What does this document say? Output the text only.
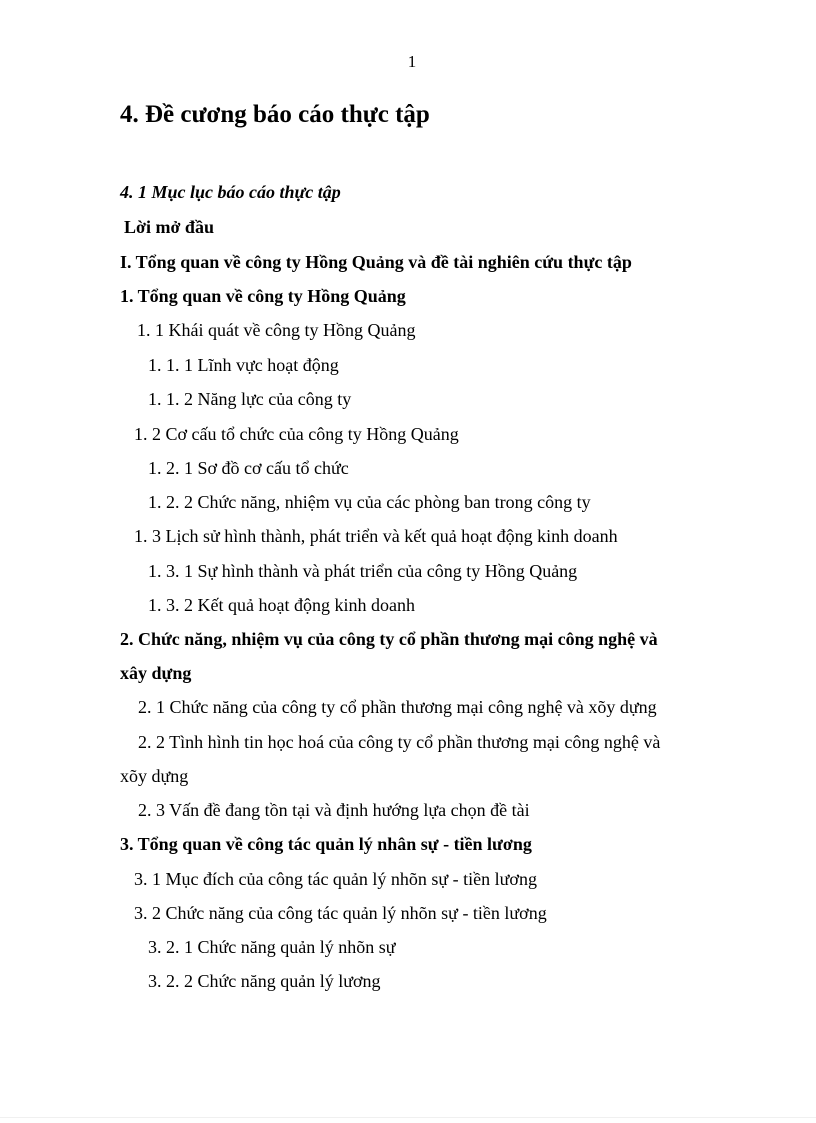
1
4. Đề cương báo cáo thực tập
4. 1 Mục lục báo cáo thực tập
Lời mở đầu
I. Tổng quan về công ty Hồng Quảng và đề tài nghiên cứu thực tập
1. Tổng quan về công ty Hồng Quảng
1. 1 Khái quát về công ty Hồng Quảng
1. 1. 1 Lĩnh vực hoạt động
1. 1. 2 Năng lực của công ty
1. 2 Cơ cấu tổ chức của công ty Hồng Quảng
1. 2. 1 Sơ đồ cơ cấu tổ chức
1. 2. 2 Chức năng, nhiệm vụ của các phòng ban trong công ty
1. 3 Lịch sử hình thành, phát triển và kết quả hoạt động kinh doanh
1. 3. 1 Sự hình thành và phát triển của công ty Hồng Quảng
1. 3. 2 Kết quả hoạt động kinh doanh
2. Chức năng, nhiệm vụ của công ty cổ phần thương mại công nghệ và
xây dựng
2. 1 Chức năng của công ty cổ phần thương mại công nghệ và xõy dựng
2. 2 Tình hình tin học hoá của công ty cổ phần thương mại công nghệ và
xõy dựng
2. 3 Vấn đề đang tồn tại và định hướng lựa chọn đề tài
3. Tổng quan về công tác quản lý nhân sự - tiền lương
3. 1 Mục đích của công tác quản lý nhõn sự - tiền lương
3. 2 Chức năng của công tác quản lý nhõn sự - tiền lương
3. 2. 1 Chức năng quản lý nhõn sự
3. 2. 2 Chức năng quản lý lương
